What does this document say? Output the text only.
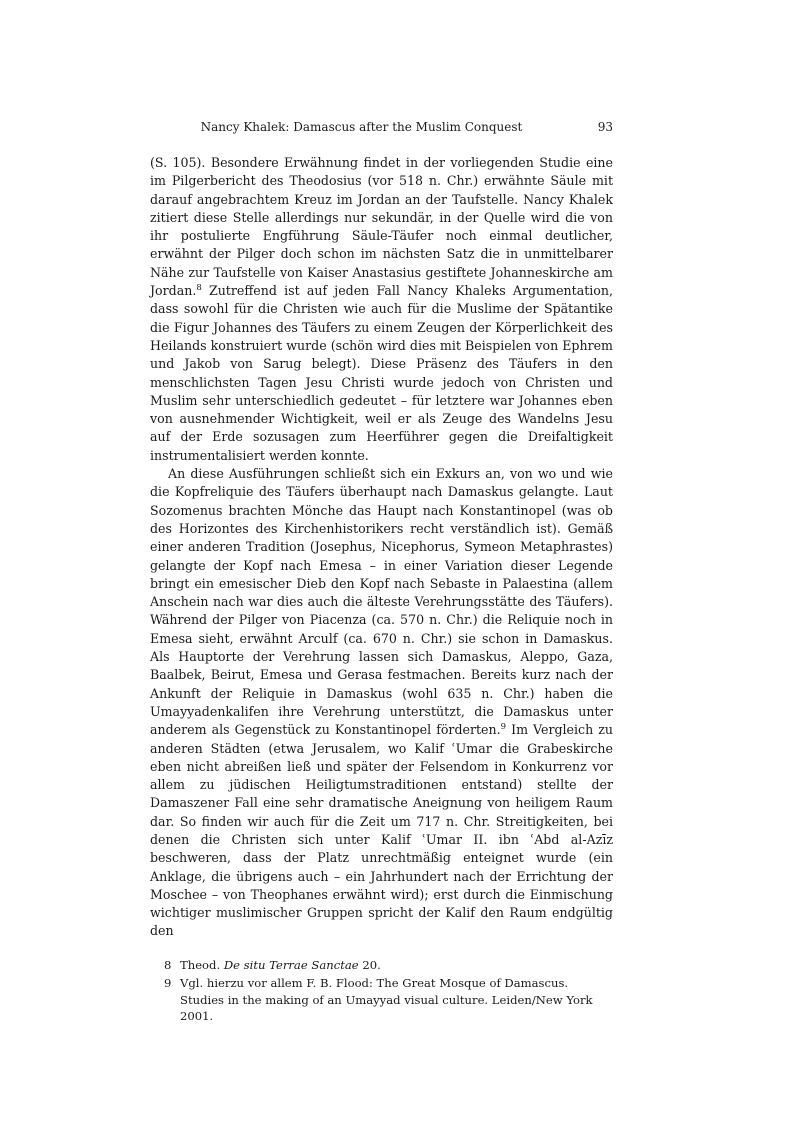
Nancy Khalek: Damascus after the Muslim Conquest	93

(S. 105). Besondere Erwähnung findet in der vorliegenden Studie eine im Pilgerbericht des Theodosius (vor 518 n. Chr.) erwähnte Säule mit darauf angebrachtem Kreuz im Jordan an der Taufstelle. Nancy Khalek zitiert diese Stelle allerdings nur sekundär, in der Quelle wird die von ihr postulierte Engführung Säule-Täufer noch einmal deutlicher, erwähnt der Pilger doch schon im nächsten Satz die in unmittelbarer Nähe zur Taufstelle von Kaiser Anastasius gestiftete Johanneskirche am Jordan.$^8$ Zutreffend ist auf jeden Fall Nancy Khaleks Argumentation, dass sowohl für die Christen wie auch für die Muslime der Spätantike die Figur Johannes des Täufers zu einem Zeugen der Körperlichkeit des Heilands konstruiert wurde (schön wird dies mit Beispielen von Ephrem und Jakob von Sarug belegt). Diese Präsenz des Täufers in den menschlichsten Tagen Jesu Christi wurde jedoch von Christen und Muslim sehr unterschiedlich gedeutet – für letztere war Johannes eben von ausnehmender Wichtigkeit, weil er als Zeuge des Wandelns Jesu auf der Erde sozusagen zum Heerführer gegen die Dreifaltigkeit instrumentalisiert werden konnte.

An diese Ausführungen schließt sich ein Exkurs an, von wo und wie die Kopfreliquie des Täufers überhaupt nach Damaskus gelangte. Laut Sozomenus brachten Mönche das Haupt nach Konstantinopel (was ob des Horizontes des Kirchenhistorikers recht verständlich ist). Gemäß einer anderen Tradition (Josephus, Nicephorus, Symeon Metaphrastes) gelangte der Kopf nach Emesa – in einer Variation dieser Legende bringt ein emesischer Dieb den Kopf nach Sebaste in Palaestina (allem Anschein nach war dies auch die älteste Verehrungsstätte des Täufers). Während der Pilger von Piacenza (ca. 570 n. Chr.) die Reliquie noch in Emesa sieht, erwähnt Arculf (ca. 670 n. Chr.) sie schon in Damaskus. Als Hauptorte der Verehrung lassen sich Damaskus, Aleppo, Gaza, Baalbek, Beirut, Emesa und Gerasa festmachen. Bereits kurz nach der Ankunft der Reliquie in Damaskus (wohl 635 n. Chr.) haben die Umayyadenkalifen ihre Verehrung unterstützt, die Damaskus unter anderem als Gegenstück zu Konstantinopel förderten.$^9$ Im Vergleich zu anderen Städten (etwa Jerusalem, wo Kalif ʿUmar die Grabeskirche eben nicht abreißen ließ und später der Felsendom in Konkurrenz vor allem zu jüdischen Heiligtumstraditionen entstand) stellte der Damaszener Fall eine sehr dramatische Aneignung von heiligem Raum dar. So finden wir auch für die Zeit um 717 n. Chr. Streitigkeiten, bei denen die Christen sich unter Kalif ʿUmar II. ibn ʿAbd al-Azīz beschweren, dass der Platz unrechtmäßig enteignet wurde (ein Anklage, die übrigens auch – ein Jahrhundert nach der Errichtung der Moschee – von Theophanes erwähnt wird); erst durch die Einmischung wichtiger muslimischer Gruppen spricht der Kalif den Raum endgültig den

8 Theod. De situ Terrae Sanctae 20.
9 Vgl. hierzu vor allem F. B. Flood: The Great Mosque of Damascus. Studies in the making of an Umayyad visual culture. Leiden/New York 2001.
